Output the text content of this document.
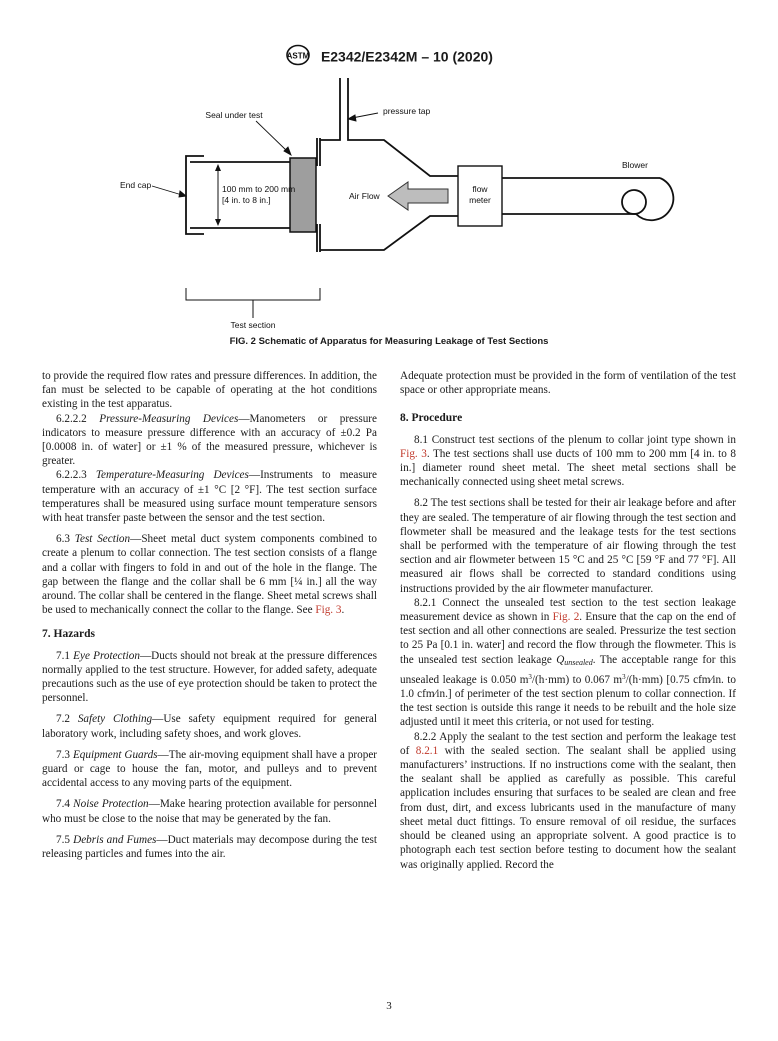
ASTM E2342/E2342M – 10 (2020)
Seal under test	pressure tap
Blower
End cap	100 mm to 200 mm
[4 in. to 8 in.]	Air Flow
flow
meter
Test section
FIG. 2 Schematic of Apparatus for Measuring Leakage of Test Sections

to provide the required flow rates and pressure differences. In addition, the fan must be selected to be capable of operating at the hot conditions existing in the test apparatus.

6.2.2.2 Pressure-Measuring Devices—Manometers or pressure indicators to measure pressure difference with an accuracy of ±0.2 Pa [0.0008 in. of water] or ±1 % of the measured pressure, whichever is greater.

6.2.2.3 Temperature-Measuring Devices—Instruments to measure temperature with an accuracy of ±1 °C [2 °F]. The test section surface temperatures shall be measured using surface mount temperature sensors with heat transfer paste between the sensor and the test section.

6.3 Test Section—Sheet metal duct system components combined to create a plenum to collar connection. The test section consists of a flange and a collar with fingers to fold in and out of the hole in the flange. The gap between the flange and the collar shall be 6 mm [¼ in.] all the way around. The collar shall be centered in the flange. Sheet metal screws shall be used to mechanically connect the collar to the flange. See Fig. 3.

7. Hazards

7.1 Eye Protection—Ducts should not break at the pressure differences normally applied to the test structure. However, for added safety, adequate precautions such as the use of eye protection should be taken to protect the personnel.

7.2 Safety Clothing—Use safety equipment required for general laboratory work, including safety shoes, and work gloves.

7.3 Equipment Guards—The air-moving equipment shall have a proper guard or cage to house the fan, motor, and pulleys and to prevent accidental access to any moving parts of the equipment.

7.4 Noise Protection—Make hearing protection available for personnel who must be close to the noise that may be generated by the fan.

7.5 Debris and Fumes—Duct materials may decompose during the test releasing particles and fumes into the air.

Adequate protection must be provided in the form of ventilation of the test space or other appropriate means.

8. Procedure

8.1 Construct test sections of the plenum to collar joint type shown in Fig. 3. The test sections shall use ducts of 100 mm to 200 mm [4 in. to 8 in.] diameter round sheet metal. The sheet metal sections shall be mechanically connected using sheet metal screws.

8.2 The test sections shall be tested for their air leakage before and after they are sealed. The temperature of air flowing through the test section and flowmeter shall be measured and the leakage tests for the test sections shall be performed with the temperature of air flowing through the test section and air flowmeter between 15 °C and 25 °C [59 °F and 77 °F]. All measured air flows shall be corrected to standard conditions using instructions provided by the air flowmeter manufacturer.

8.2.1 Connect the unsealed test section to the test section leakage measurement device as shown in Fig. 2. Ensure that the cap on the end of test section and all other connections are sealed. Pressurize the test section to 25 Pa [0.1 in. water] and record the flow through the flowmeter. This is the unsealed test section leakage $Q_{unsealed}$. The acceptable range for this unsealed leakage is 0.050 $m^3/(h\cdot mm)$ to 0.067 $m^3/(h\cdot mm)$ [0.75 cfm⁄in. to 1.0 cfm⁄in.] of perimeter of the test section plenum to collar connection. If the test section is outside this range it needs to be rebuilt and the hole size adjusted until it meet this criteria, or not used for testing.

8.2.2 Apply the sealant to the test section and perform the leakage test of 8.2.1 with the sealed section. The sealant shall be applied using manufacturers’ instructions. If no instructions come with the sealant, then the sealant shall be applied as carefully as possible. This careful application includes ensuring that surfaces to be sealed are clean and free from dust, dirt, and excess lubricants used in the manufacture of many sheet metal duct fittings. To ensure removal of oil residue, the surfaces should be cleaned using an appropriate solvent. A good practice is to photograph each test section before testing to document how the sealant was originally applied. Record the

3
